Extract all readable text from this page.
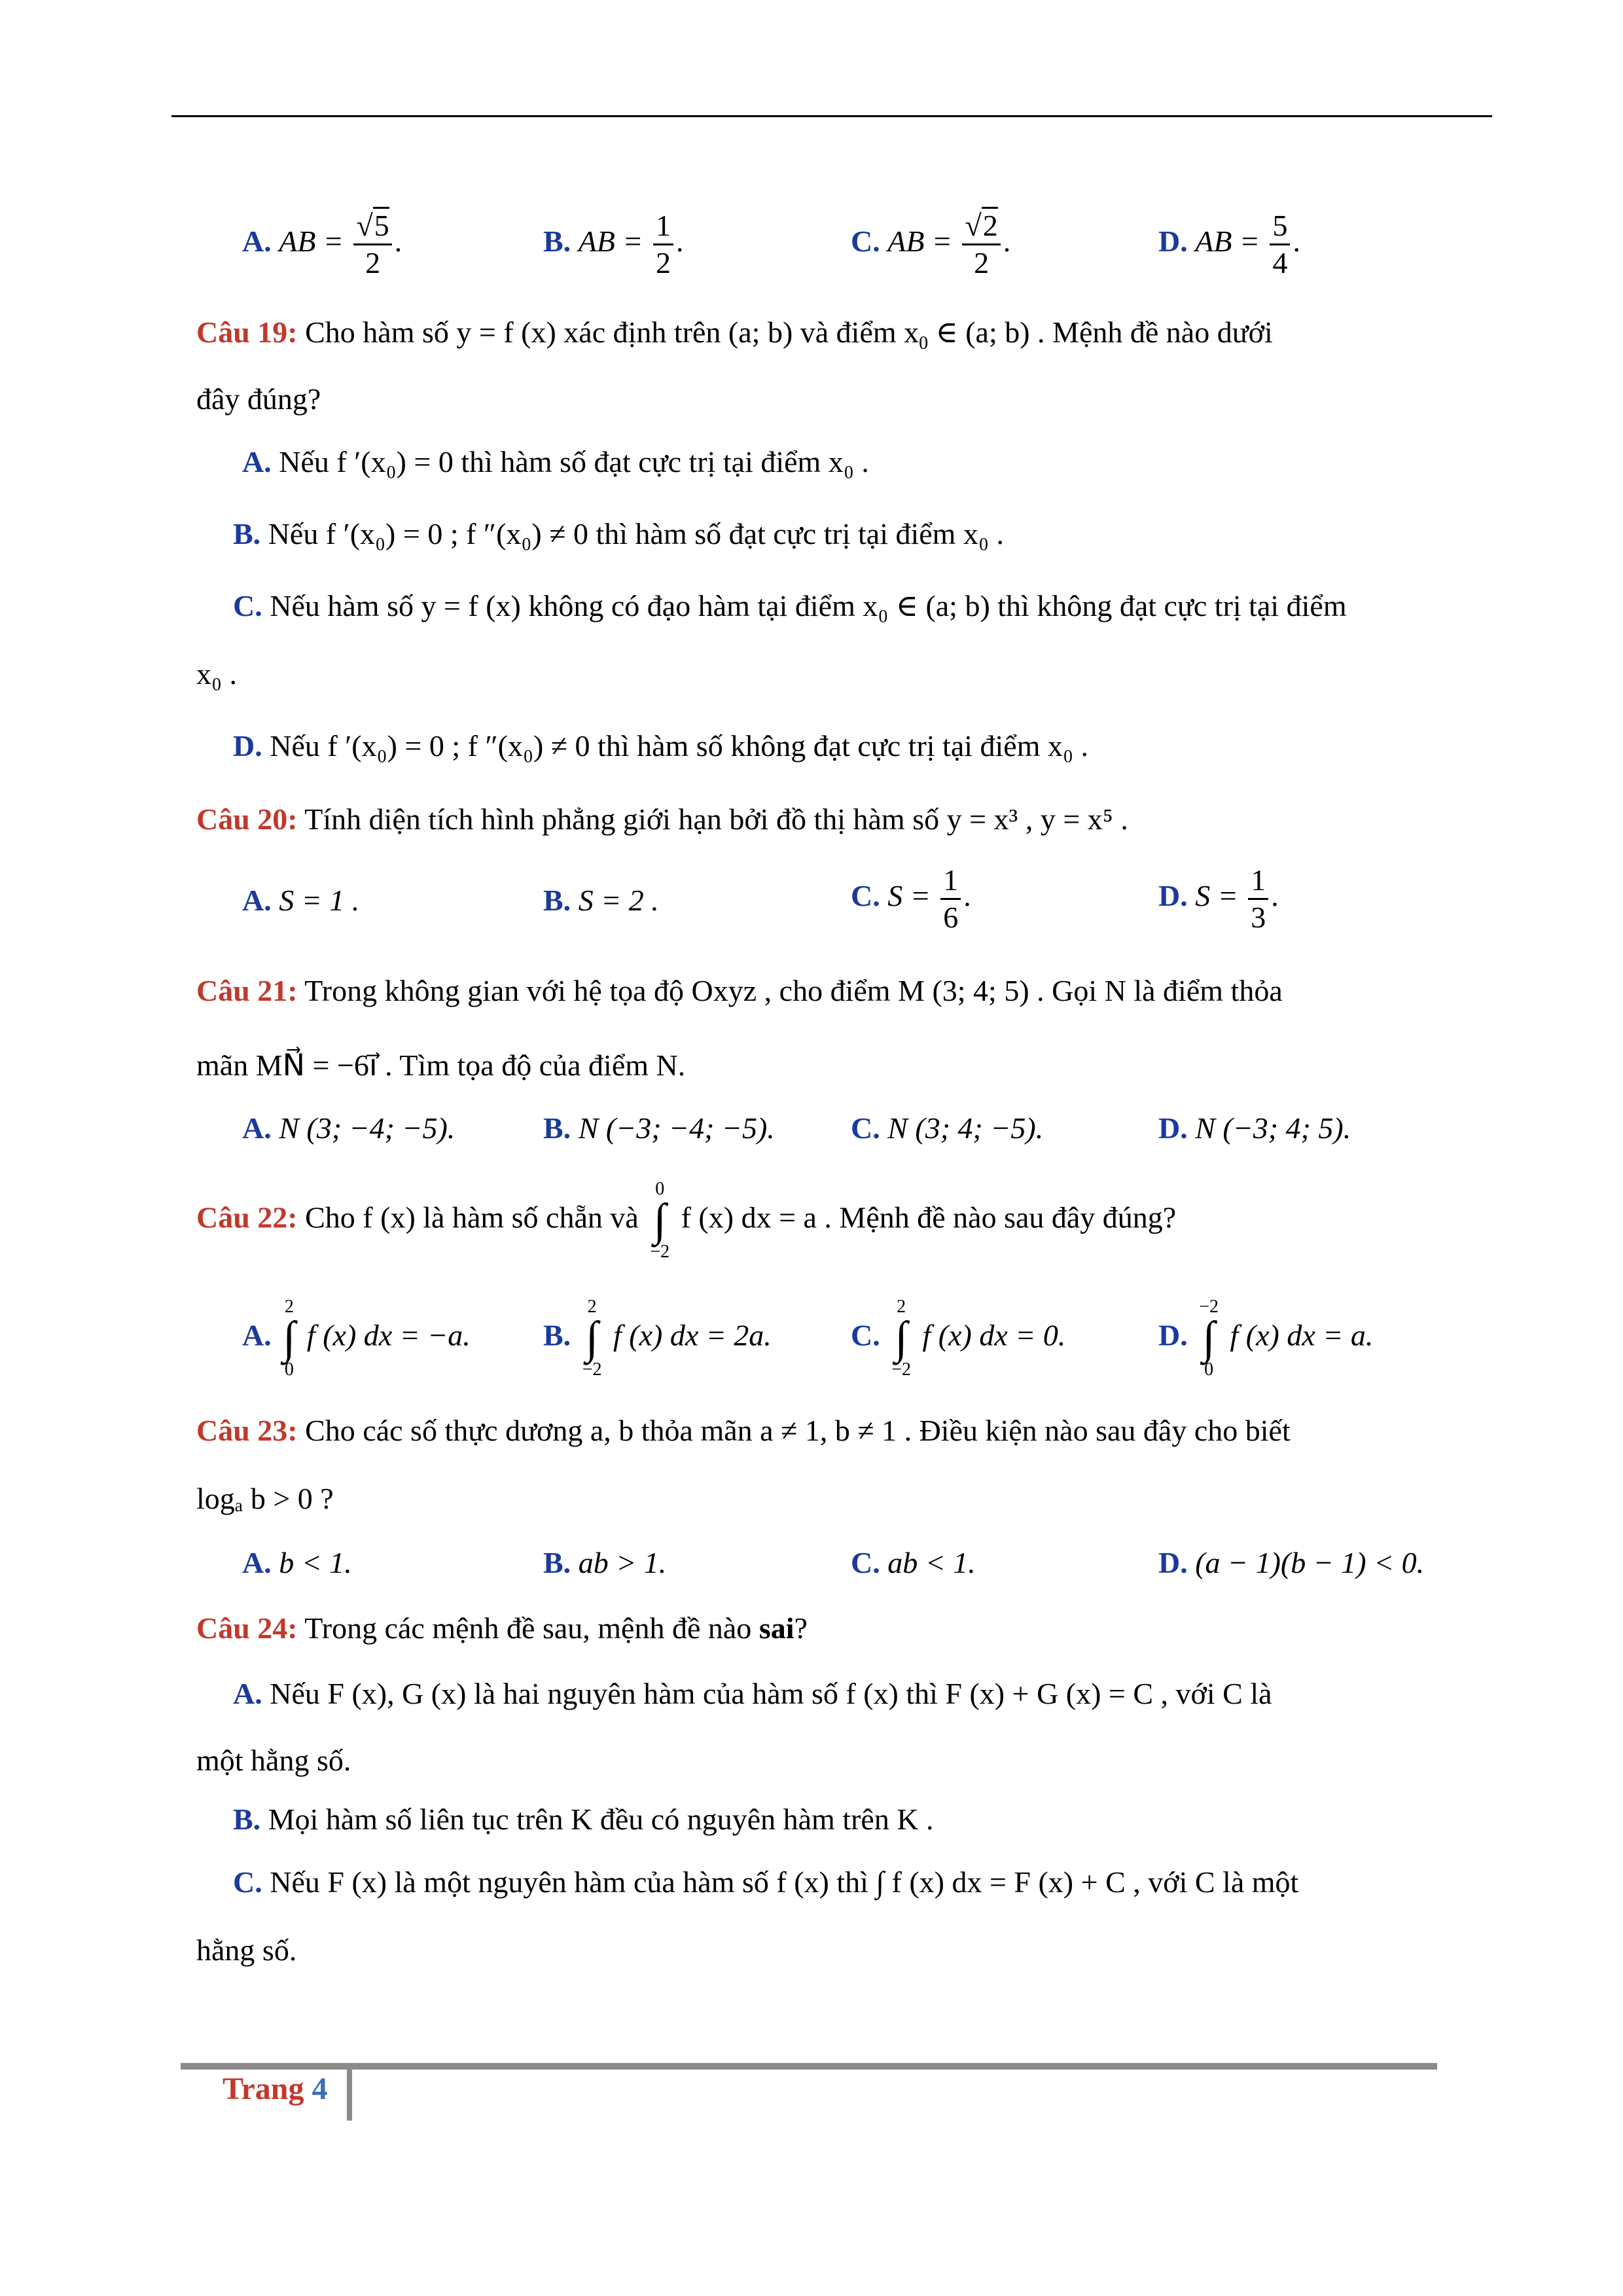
A. AB = $\frac{√5}{2}$ .	B. AB = $\frac{1}{2}$ .	C. AB = $\frac{√2}{2}$ .	D. AB = $\frac{5}{4}$ .
Câu 19: Cho hàm số y = f (x) xác định trên (a; b) và điểm $x_0$ ∈ (a; b) . Mệnh đề nào dưới
đây đúng?
A. Nếu f ′(x₀) = 0 thì hàm số đạt cực trị tại điểm x₀ .
B. Nếu f ′(x₀) = 0 ; f ″(x₀) ≠ 0 thì hàm số đạt cực trị tại điểm x₀ .
C. Nếu hàm số y = f (x) không có đạo hàm tại điểm x₀ ∈ (a; b) thì không đạt cực trị tại điểm
x₀ .
D. Nếu f ′(x₀) = 0 ; f ″(x₀) ≠ 0 thì hàm số không đạt cực trị tại điểm x₀ .
Câu 20: Tính diện tích hình phẳng giới hạn bởi đồ thị hàm số y = x³ , y = x⁵ .
A. S = 1 .	B. S = 2 .	C. $S = \frac{1}{6}$ .	D. $S = \frac{1}{3}$ .
Câu 21: Trong không gian với hệ tọa độ Oxyz , cho điểm M (3; 4; 5) . Gọi N là điểm thỏa
mãn MN⃗ = −6i⃗ . Tìm tọa độ của điểm N.
A. N (3; −4; −5).	B. N (−3; −4; −5).	C. N (3; 4; −5).	D. N (−3; 4; 5).
Câu 22: Cho f (x) là hàm số chẵn và
0
∫
−2
f (x) dx = a . Mệnh đề nào sau đây đúng?
A.
2
∫
0
f (x) dx = −a. B.
2
∫
−2
f (x) dx = 2a.	C.
2
∫
−2
f (x) dx = 0.	D.
−2
∫
0
f (x) dx = a.
Câu 23: Cho các số thực dương a, b thỏa mãn a ≠ 1, b ≠ 1 . Điều kiện nào sau đây cho biết
logₐ b > 0 ?
A. b < 1.	B. ab > 1.	C. ab < 1.	D. (a − 1)(b − 1) < 0.
Câu 24: Trong các mệnh đề sau, mệnh đề nào sai?
A. Nếu F (x), G (x) là hai nguyên hàm của hàm số f (x) thì F (x) + G (x) = C , với C là
một hằng số.
B. Mọi hàm số liên tục trên K đều có nguyên hàm trên K .
C. Nếu F (x) là một nguyên hàm của hàm số f (x) thì ∫ f (x) dx = F (x) + C , với C là một
hằng số.
Trang 4
